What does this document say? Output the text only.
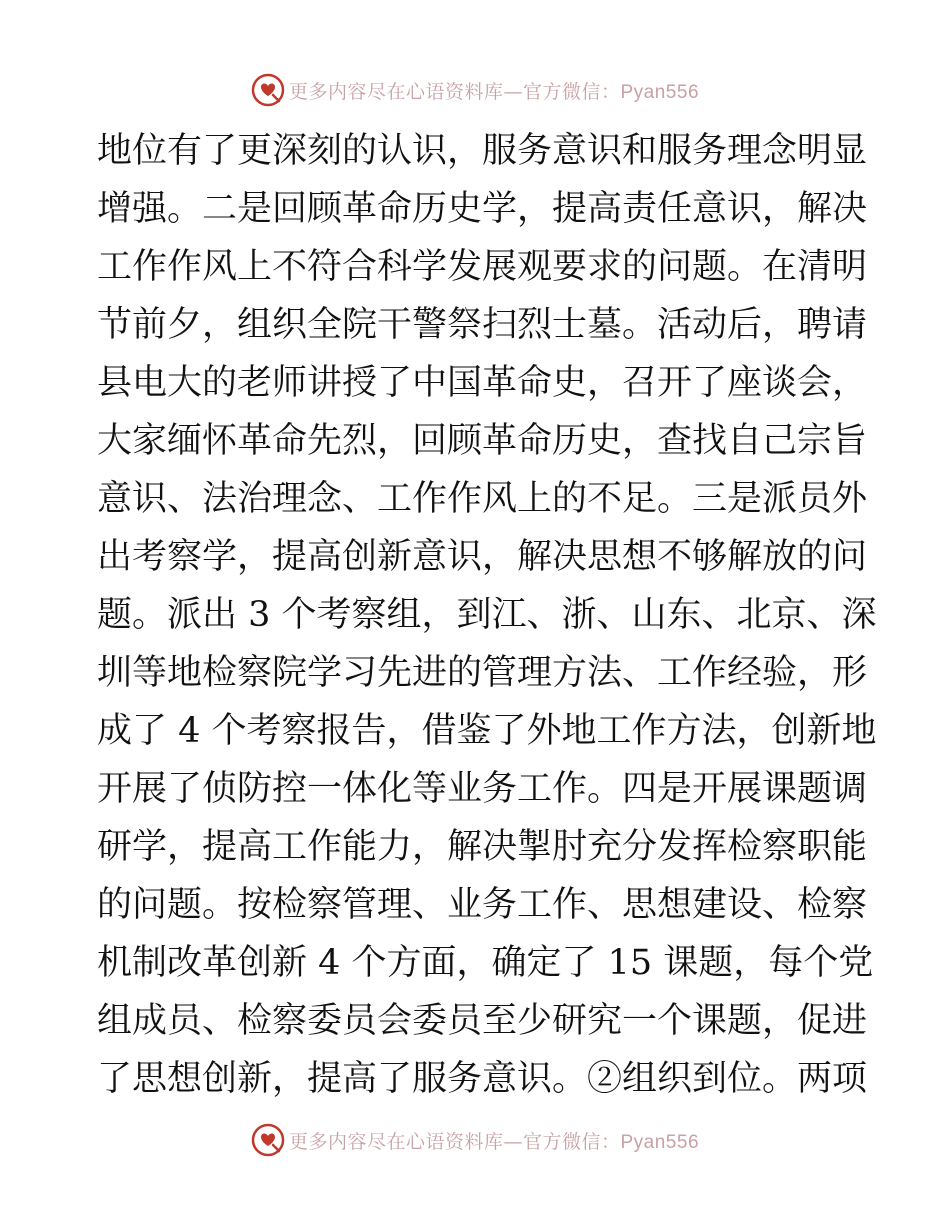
更多内容尽在心语资料库—官方微信：Pyan556
地位有了更深刻的认识，服务意识和服务理念明显
增强。二是回顾革命历史学，提高责任意识，解决
工作作风上不符合科学发展观要求的问题。在清明
节前夕，组织全院干警祭扫烈士墓。活动后，聘请
县电大的老师讲授了中国革命史，召开了座谈会，
大家缅怀革命先烈，回顾革命历史，查找自己宗旨
意识、法治理念、工作作风上的不足。三是派员外
出考察学，提高创新意识，解决思想不够解放的问
题。派出 3 个考察组，到江、浙、山东、北京、深
圳等地检察院学习先进的管理方法、工作经验，形
成了 4 个考察报告，借鉴了外地工作方法，创新地
开展了侦防控一体化等业务工作。四是开展课题调
研学，提高工作能力，解决掣肘充分发挥检察职能
的问题。按检察管理、业务工作、思想建设、检察
机制改革创新 4 个方面，确定了 15 课题，每个党
组成员、检察委员会委员至少研究一个课题，促进
了思想创新，提高了服务意识。②组织到位。两项
更多内容尽在心语资料库—官方微信：Pyan556
